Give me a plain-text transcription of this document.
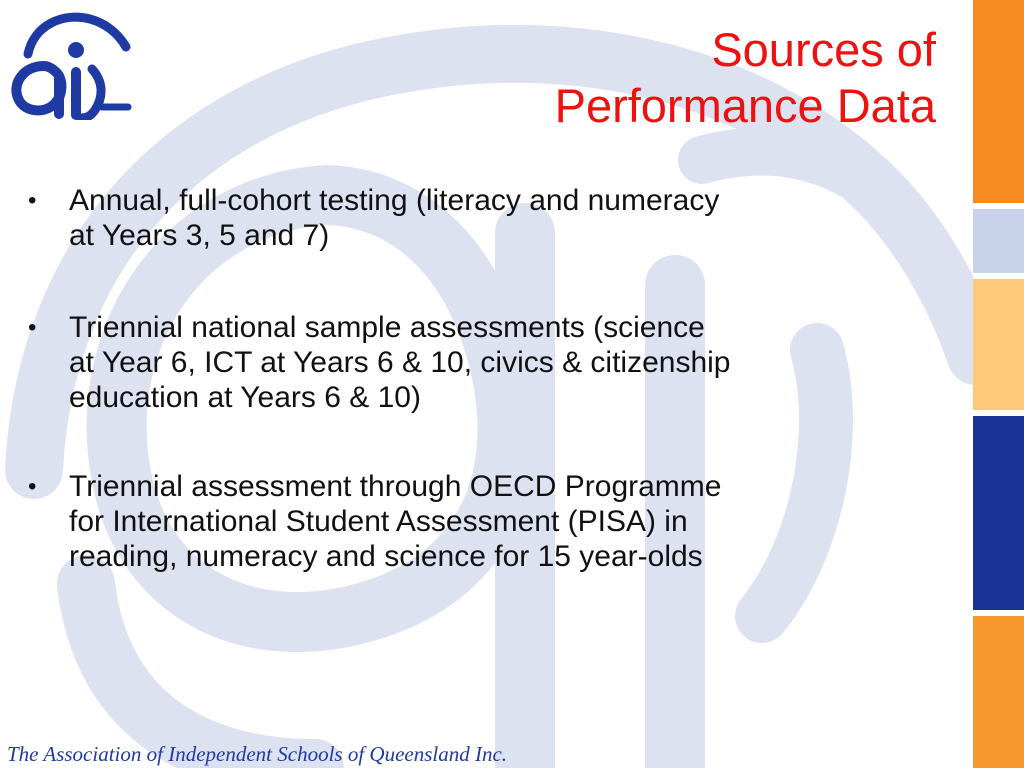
Sources of
Performance Data
• Annual, full-cohort testing (literacy and numeracy
at Years 3, 5 and 7)
• Triennial national sample assessments (science
at Year 6, ICT at Years 6 & 10, civics & citizenship
education at Years 6 & 10)
• Triennial assessment through OECD Programme
for International Student Assessment (PISA) in
reading, numeracy and science for 15 year-olds
The Association of Independent Schools of Queensland Inc.
